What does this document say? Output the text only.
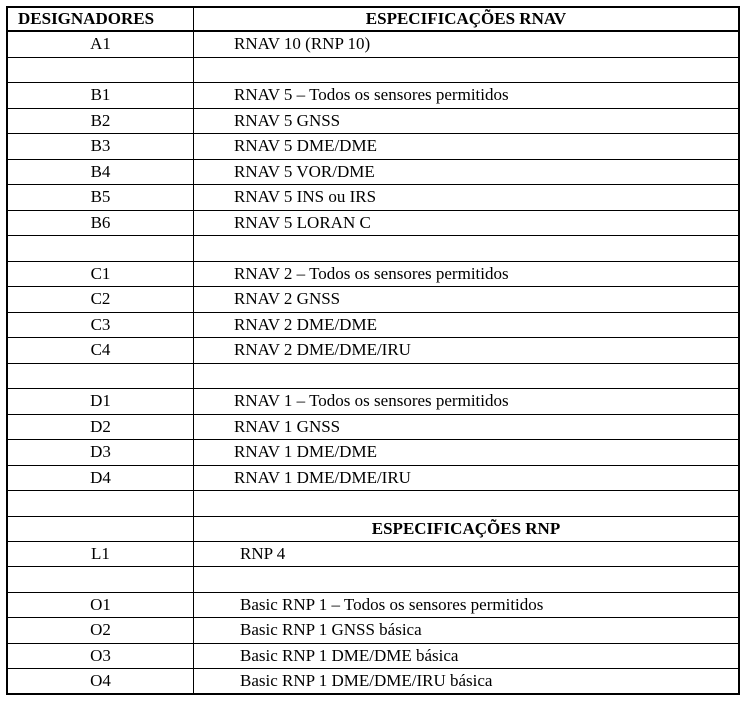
DESIGNADORES	ESPECIFICAÇÕES RNAV
A1	RNAV 10 (RNP 10)
B1	RNAV 5 – Todos os sensores permitidos
B2	RNAV 5 GNSS
B3	RNAV 5 DME/DME
B4	RNAV 5 VOR/DME
B5	RNAV 5 INS ou IRS
B6	RNAV 5 LORAN C
C1	RNAV 2 – Todos os sensores permitidos
C2	RNAV 2 GNSS
C3	RNAV 2 DME/DME
C4	RNAV 2 DME/DME/IRU
D1	RNAV 1 – Todos os sensores permitidos
D2	RNAV 1 GNSS
D3	RNAV 1 DME/DME
D4	RNAV 1 DME/DME/IRU
ESPECIFICAÇÕES RNP
L1	RNP 4
O1	Basic RNP 1 – Todos os sensores permitidos
O2	Basic RNP 1 GNSS básica
O3	Basic RNP 1 DME/DME básica
O4	Basic RNP 1 DME/DME/IRU básica
